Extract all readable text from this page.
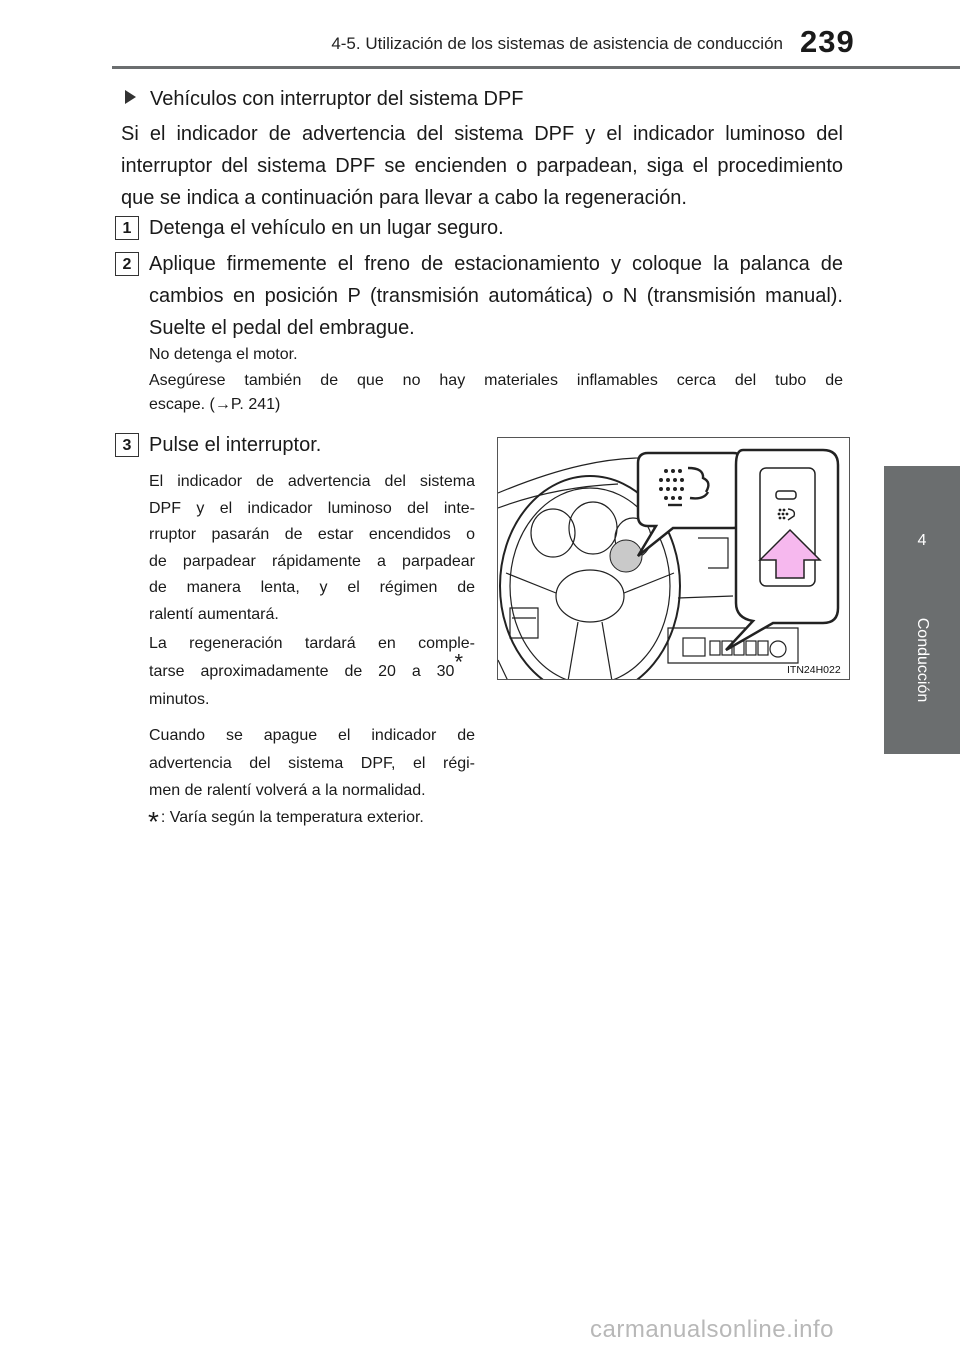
4-5. Utilización de los sistemas de asistencia de conducción 239
4
Conducción
Vehículos con interruptor del sistema DPF
Si el indicador de advertencia del sistema DPF y el indicador luminoso del
interruptor del sistema DPF se encienden o parpadean, siga el procedimiento
que se indica a continuación para llevar a cabo la regeneración.
1 Detenga el vehículo en un lugar seguro.
2 Aplique firmemente el freno de estacionamiento y coloque la palanca de
cambios en posición P (transmisión automática) o N (transmisión manual).
Suelte el pedal del embrague.
No detenga el motor.
Asegúrese también de que no hay materiales inflamables cerca del tubo de
escape. (→P. 241)
3 Pulse el interruptor.
El indicador de advertencia del sistema
DPF y el indicador luminoso del inte-
rruptor pasarán de estar encendidos o
de parpadear rápidamente a parpadear
de manera lenta, y el régimen de
ralentí aumentará.
La regeneración tardará en comple-
tarse aproximadamente de 20 a 30*
minutos.
Cuando se apague el indicador de
advertencia del sistema DPF, el régi-
men de ralentí volverá a la normalidad.
* : Varía según la temperatura exterior.
ITN24H022
carmanualsonline.info
